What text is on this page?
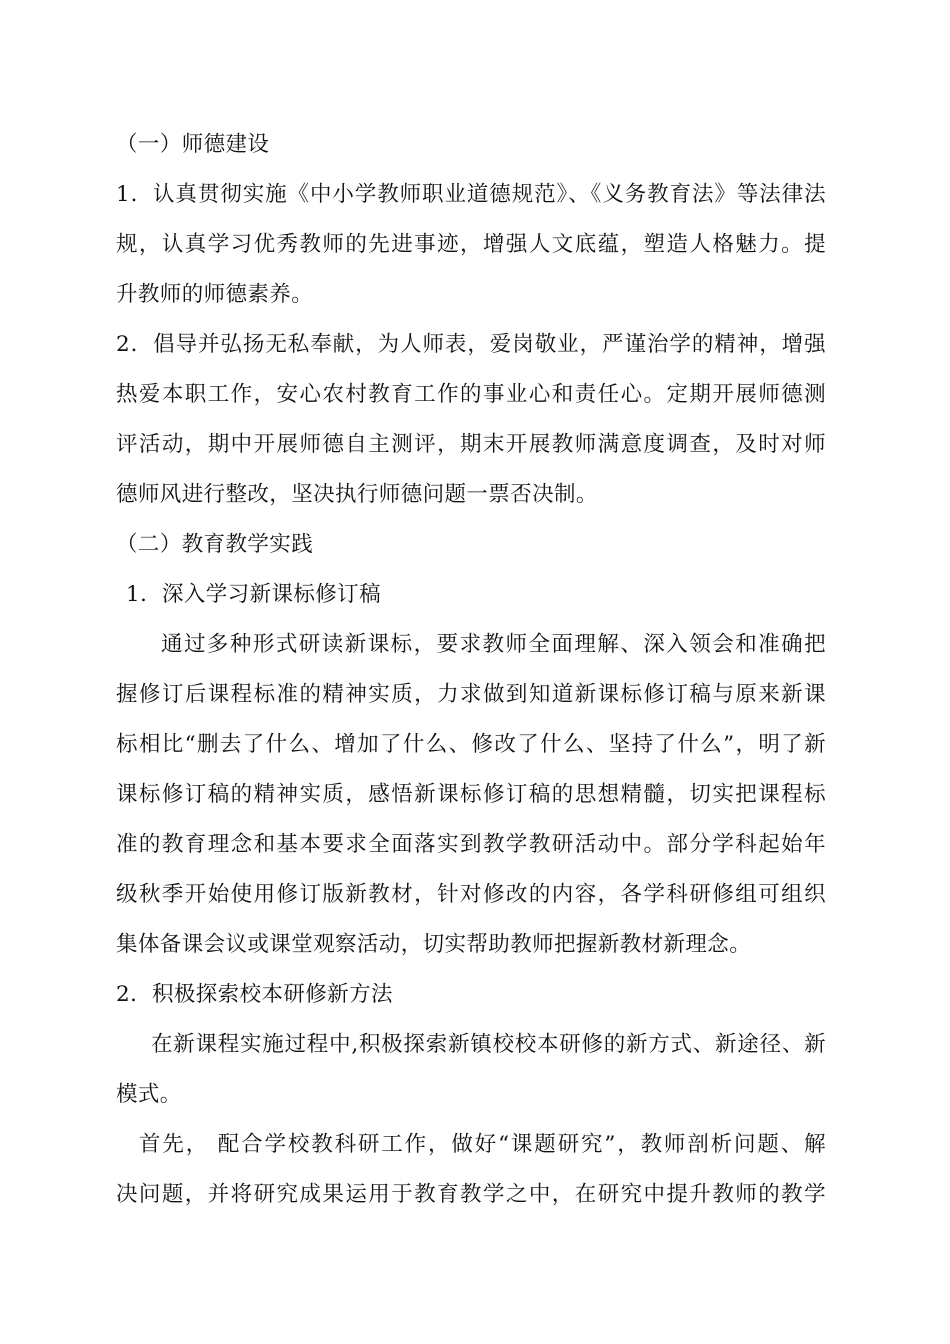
（一）师德建设
1．认真贯彻实施《中小学教师职业道德规范》、《义务教育法》等法律法
规，认真学习优秀教师的先进事迹，增强人文底蕴，塑造人格魅力。提
升教师的师德素养。
2．倡导并弘扬无私奉献，为人师表，爱岗敬业，严谨治学的精神，增强
热爱本职工作，安心农村教育工作的事业心和责任心。定期开展师德测
评活动，期中开展师德自主测评，期末开展教师满意度调查，及时对师
德师风进行整改，坚决执行师德问题一票否决制。
（二）教育教学实践
1．深入学习新课标修订稿
通过多种形式研读新课标，要求教师全面理解、深入领会和准确把
握修订后课程标准的精神实质，力求做到知道新课标修订稿与原来新课
标相比“删去了什么、增加了什么、修改了什么、坚持了什么”，明了新
课标修订稿的精神实质，感悟新课标修订稿的思想精髓，切实把课程标
准的教育理念和基本要求全面落实到教学教研活动中。部分学科起始年
级秋季开始使用修订版新教材，针对修改的内容，各学科研修组可组织
集体备课会议或课堂观察活动，切实帮助教师把握新教材新理念。
2．积极探索校本研修新方法
在新课程实施过程中,积极探索新镇校校本研修的新方式、新途径、新
模式。
首先， 配合学校教科研工作，做好“课题研究”，教师剖析问题、解
决问题，并将研究成果运用于教育教学之中，在研究中提升教师的教学
